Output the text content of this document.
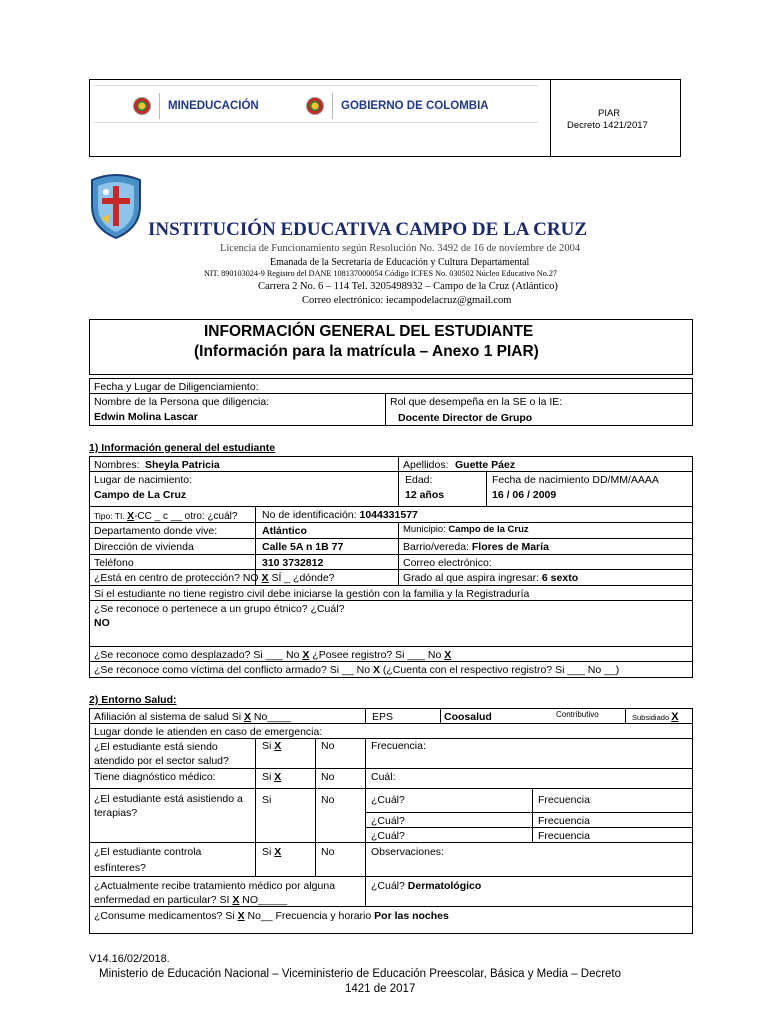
MINEDUCACIÓN	GOBIERNO DE COLOMBIA
PIAR
Decreto 1421/2017
INSTITUCIÓN EDUCATIVA CAMPO DE LA CRUZ
Licencia de Funcionamiento según Resolución No. 3492 de 16 de noviembre de 2004
Emanada de la Secretaría de Educación y Cultura Departamental
NIT. 890103024-9 Registro del DANE 108137000054 Código ICFES No. 030502 Núcleo Educativo No.27
Carrera 2 No. 6 – 114 Tel. 3205498932 – Campo de la Cruz (Atlántico)
Correo electrónico: iecampodelacruz@gmail.com
INFORMACIÓN GENERAL DEL ESTUDIANTE
(Información para la matrícula – Anexo 1 PIAR)
Fecha y Lugar de Diligenciamiento:
Nombre de la Persona que diligencia:
Edwin Molina Lascar
Rol que desempeña en la SE o la IE:
Docente Director de Grupo
1) Información general del estudiante
Nombres: Sheyla Patricia	Apellidos: Guette Páez
Lugar de nacimiento:
Campo de La Cruz
Edad:
12 años
Fecha de nacimiento DD/MM/AAAA
16 / 06 / 2009
Tipo: TI. X-CC _ c __ otro: ¿cuál? No de identificación: 1044331577
Departamento donde vive:	Atlántico	Municipio: Campo de la Cruz
Dirección de vivienda	Calle 5A n 1B 77	Barrio/vereda: Flores de María
Teléfono	310 3732812	Correo electrónico:
¿Está en centro de protección? NO X SÍ _ ¿dónde?	Grado al que aspira ingresar: 6 sexto
Si el estudiante no tiene registro civil debe iniciarse la gestión con la familia y la Registraduría
¿Se reconoce o pertenece a un grupo étnico? ¿Cuál?
NO
¿Se reconoce como desplazado? Si ___ No X ¿Posee registro? Si ___ No X
¿Se reconoce como víctima del conflicto armado? Si __ No X (¿Cuenta con el respectivo registro? Si ___ No __)
2) Entorno Salud:
Afiliación al sistema de salud Si X No____	EPS	Coosalud	Contributivo	Subsidiado X
Lugar donde le atienden en caso de emergencia:
¿El estudiante está siendo atendido por el sector salud?
Si X	No	Frecuencia:
Tiene diagnóstico médico:	Si X	No	Cuál:
¿El estudiante está asistiendo a terapias?
Si	No	¿Cuál?	Frecuencia
¿Cuál?	Frecuencia
¿Cuál?	Frecuencia
¿El estudiante controla esfínteres?
Si X	No	Observaciones:
¿Actualmente recibe tratamiento médico por alguna enfermedad en particular? SI X NO_____
¿Cuál? Dermatológico
¿Consume medicamentos? Si X No__ Frecuencia y horario Por las noches
V14.16/02/2018.
Ministerio de Educación Nacional – Viceministerio de Educación Preescolar, Básica y Media – Decreto
1421 de 2017
